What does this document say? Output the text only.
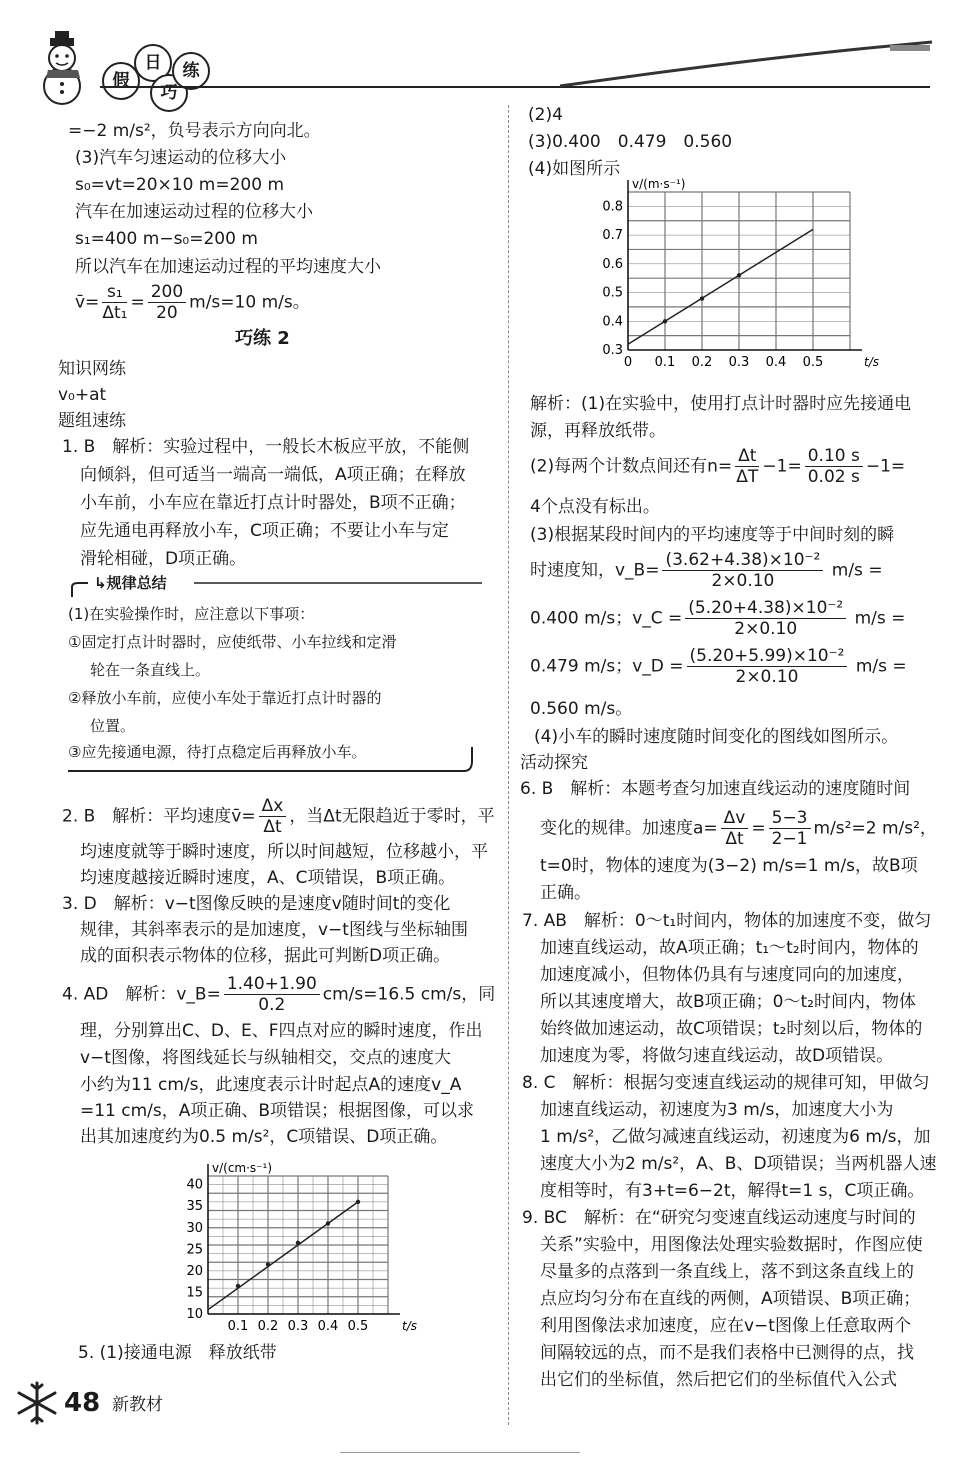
假
日
巧
练
=−2 m/s²，负号表示方向向北。
(3)汽车匀速运动的位移大小
s₀=vt=20×10 m=200 m
汽车在加速运动过程的位移大小
s₁=400 m−s₀=200 m
所以汽车在加速运动过程的平均速度大小
v̄= $\frac{\text{s₁}}{\text{Δt₁}} = \frac{200}{20} m/s=10$ m/s。
巧练 2
知识网练
v₀+at
题组速练
1. B　解析：实验过程中，一般长木板应平放，不能侧
向倾斜，但可适当一端高一端低，A项正确；在释放
小车前，小车应在靠近打点计时器处，B项不正确；
应先通电再释放小车，C项正确；不要让小车与定
滑轮相碰，D项正确。
↳规律总结
(1)在实验操作时，应注意以下事项：
①固定打点计时器时，应使纸带、小车拉线和定滑
轮在一条直线上。
②释放小车前，应使小车处于靠近打点计时器的
位置。
③应先接通电源，待打点稳定后再释放小车。
2. B　解析：平均速度v̄= $\frac{\Delta x}{\Delta t}$ ，当Δt无限趋近于零时，平
均速度就等于瞬时速度，所以时间越短，位移越小，平
均速度越接近瞬时速度，A、C项错误，B项正确。
3. D　解析：v−t图像反映的是速度v随时间t的变化
规律，其斜率表示的是加速度，v−t图线与坐标轴围
成的面积表示物体的位移，据此可判断D项正确。
4. AD　解析：v_B= $\frac{1.40+1.90}{0.2} cm/s=16.5$ cm/s，同
理，分别算出C、D、E、F四点对应的瞬时速度，作出
v−t图像，将图线延长与纵轴相交，交点的速度大
小约为11 cm/s，此速度表示计时起点A的速度v_A
=11 cm/s，A项正确、B项错误；根据图像，可以求
出其加速度约为0.5 m/s²，C项错误、D项正确。
0.1 0.2 0.3 0.4 0.5
10
15
20
25
30
35
40
t/s
v/(cm·s⁻¹)
5. (1)接通电源　释放纸带
(2)4
(3)0.400　0.479　0.560
(4)如图所示
0 0.1 0.2 0.3 0.4 0.5
0.3
0.4
0.5
0.6
0.7
0.8
t/s
v/(m·s⁻¹)
解析：(1)在实验中，使用打点计时器时应先接通电
源，再释放纸带。
(2)每两个计数点间还有$n= \frac{\Delta t}{\Delta T} -1= \frac{0.10 s}{0.02 s} -1=$
4个点没有标出。
(3)根据某段时间内的平均速度等于中间时刻的瞬
时速度知，v_B= $\frac{\text{(3.62+4.38)×10⁻²}}{2\times 0.10} m/s$ =
0.400 m/s；v_C = $\frac{\text{(5.20+4.38)×10⁻²}}{2\times 0.10} m/s$ =
0.479 m/s；v_D = $\frac{\text{(5.20+5.99)×10⁻²}}{2\times 0.10} m/s$ =
0.560 m/s。
(4)小车的瞬时速度随时间变化的图线如图所示。
活动探究
6. B　解析：本题考查匀加速直线运动的速度随时间
变化的规律。加速度$a= \frac{\Delta v}{\Delta t} = \frac{5-3}{2-1} m/s^2=2$ m/s²，
t=0时，物体的速度为(3−2) m/s=1 m/s，故B项
正确。
7. AB　解析：0～t₁时间内，物体的加速度不变，做匀
加速直线运动，故A项正确；t₁～t₂时间内，物体的
加速度减小，但物体仍具有与速度同向的加速度，
所以其速度增大，故B项正确；0～t₂时间内，物体
始终做加速运动，故C项错误；t₂时刻以后，物体的
加速度为零，将做匀速直线运动，故D项错误。
8. C　解析：根据匀变速直线运动的规律可知，甲做匀
加速直线运动，初速度为3 m/s，加速度大小为
1 m/s²，乙做匀减速直线运动，初速度为6 m/s，加
速度大小为2 m/s²，A、B、D项错误；当两机器人速
度相等时，有3+t=6−2t，解得t=1 s，C项正确。
9. BC　解析：在“研究匀变速直线运动速度与时间的
关系”实验中，用图像法处理实验数据时，作图应使
尽量多的点落到一条直线上，落不到这条直线上的
点应均匀分布在直线的两侧，A项错误、B项正确；
利用图像法求加速度，应在v−t图像上任意取两个
间隔较远的点，而不是我们表格中已测得的点，找
出它们的坐标值，然后把它们的坐标值代入公式
48 新教材
